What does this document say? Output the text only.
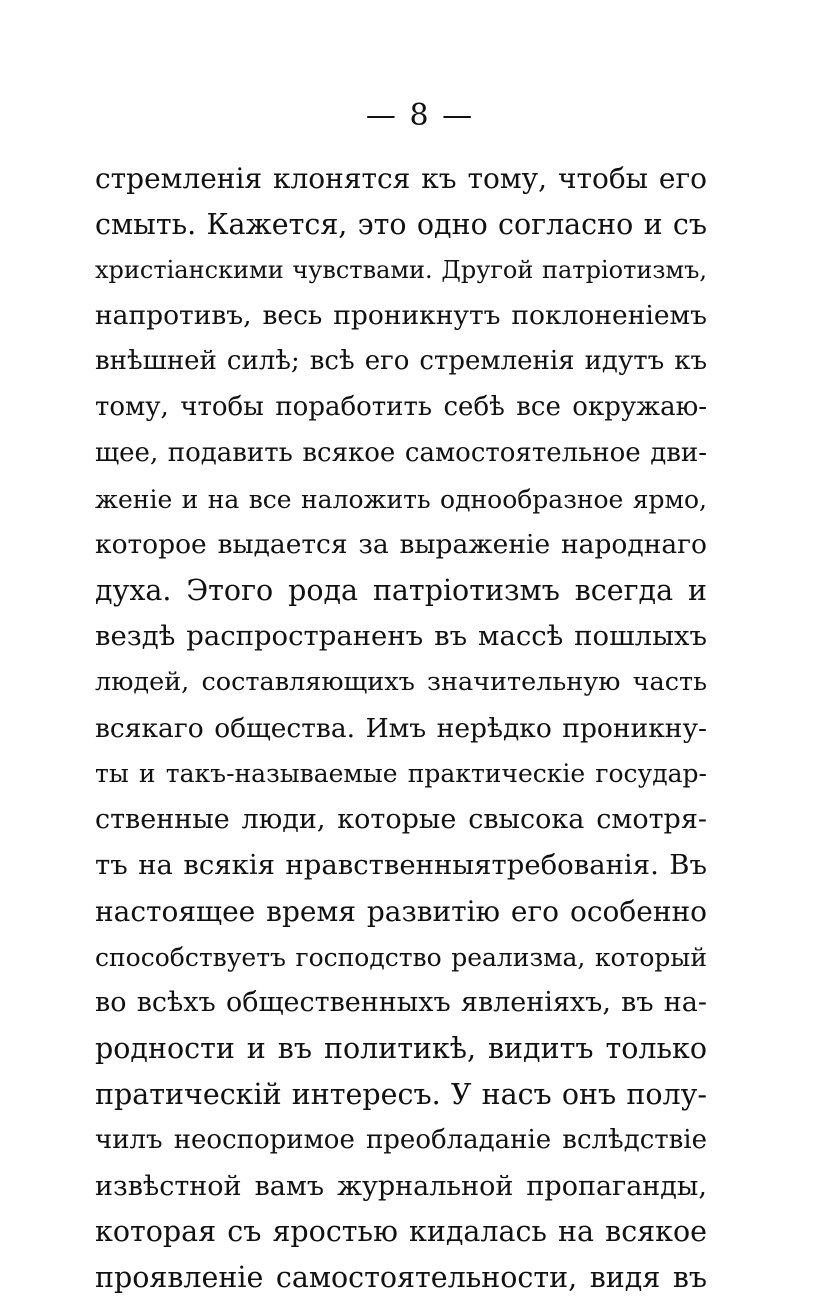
— 8 —
стремленія клонятся къ тому, чтобы его
смыть. Кажется, это одно согласно и съ
христіанскими чувствами. Другой патріотизмъ,
напротивъ, весь проникнутъ поклоненіемъ
внѣшней силѣ; всѣ его стремленія идутъ къ
тому, чтобы поработить себѣ все окружаю-
щее, подавить всякое самостоятельное дви-
женіе и на все наложить однообразное ярмо,
которое выдается за выраженіе народнаго
духа. Этого рода патріотизмъ всегда и
вездѣ распространенъ въ массѣ пошлыхъ
людей, составляющихъ значительную часть
всякаго общества. Имъ нерѣдко проникну-
ты и такъ-называемые практическіе государ-
ственные люди, которые свысока смотря-
тъ на всякія нравственныятребованія. Въ
настоящее время развитію его особенно
способствуетъ господство реализма, который
во всѣхъ общественныхъ явленіяхъ, въ на-
родности и въ политикѣ, видитъ только
пратическій интересъ. У насъ онъ полу-
чилъ неоспоримое преобладаніе вслѣдствіе
извѣстной вамъ журнальной пропаганды,
которая съ яростью кидалась на всякое
проявленіе самостоятельности, видя въ
